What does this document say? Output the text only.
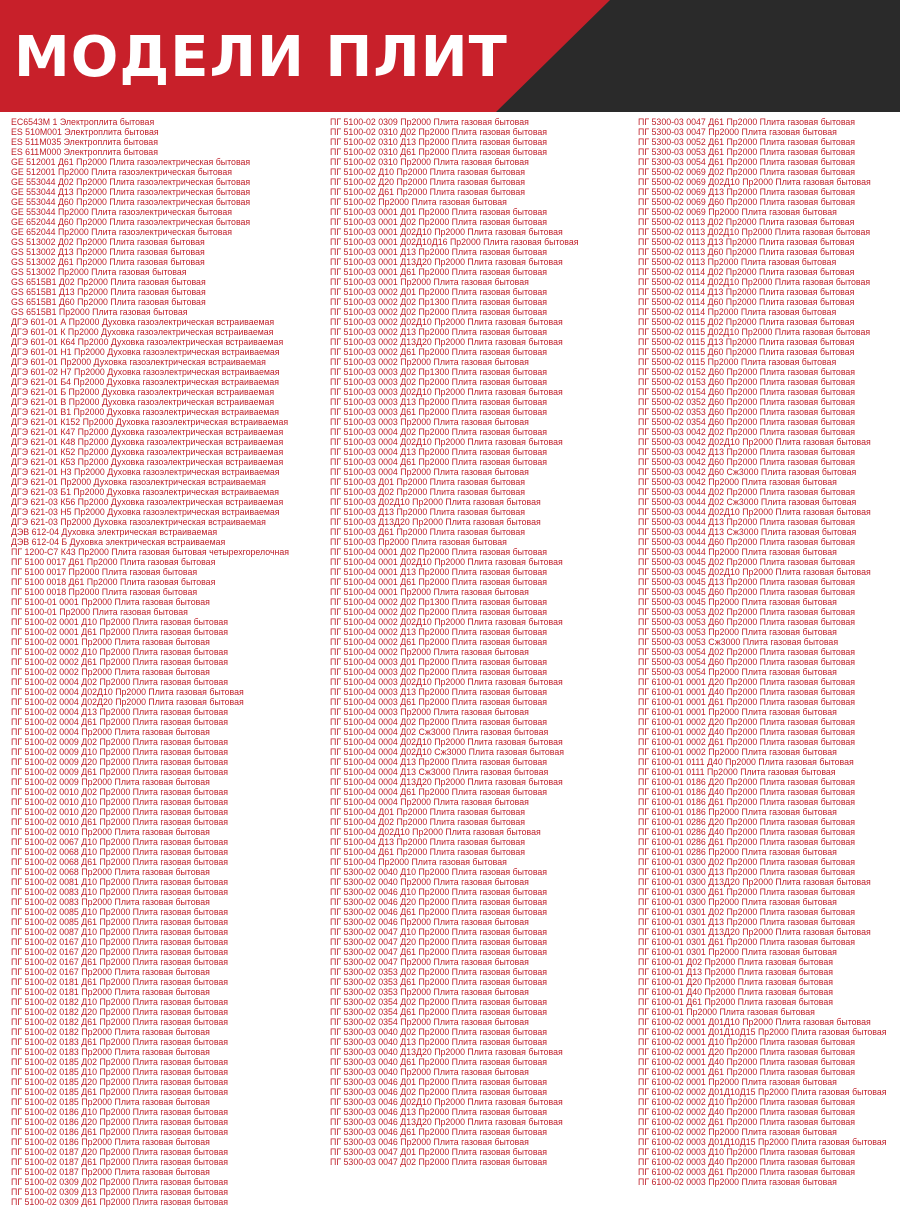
МОДЕЛИ ПЛИТ
EC6543M 1 Электроплита бытовая
ES 510M001 Электроплита бытовая
ES 511M035 Электроплита бытовая
ES 611M000 Электроплита бытовая
GE 512001 Д61 Пр2000 Плита газоэлектрическая бытовая
GE 512001 Пр2000 Плита газоэлектрическая бытовая
GE 553044 Д02 Пр2000 Плита газоэлектрическая бытовая
GE 553044 Д13 Пр2000 Плита газоэлектрическая бытовая
GE 553044 Д60 Пр2000 Плита газоэлектрическая бытовая
GE 553044 Пр2000 Плита газоэлектрическая бытовая
GE 652044 Д60 Пр2000 Плита газоэлектрическая бытовая
GE 652044 Пр2000 Плита газоэлектрическая бытовая
GS 513002 Д02 Пр2000 Плита газовая бытовая
GS 513002 Д13 Пр2000 Плита газовая бытовая
GS 513002 Д61 Пр2000 Плита газовая бытовая
GS 513002 Пр2000 Плита газовая бытовая
GS 6515B1 Д02 Пр2000 Плита газовая бытовая
GS 6515B1 Д13 Пр2000 Плита газовая бытовая
GS 6515B1 Д60 Пр2000 Плита газовая бытовая
GS 6515B1 Пр2000 Плита газовая бытовая
ДГЭ 601-01 А Пр2000 Духовка газоэлектрическая встраиваемая
ДГЭ 601-01 К Пр2000 Духовка газоэлектрическая встраиваемая
ДГЭ 601-01 К64 Пр2000 Духовка газоэлектрическая встраиваемая
ДГЭ 601-01 Н1 Пр2000 Духовка газоэлектрическая встраиваемая
ДГЭ 601-01 Пр2000 Духовка газоэлектрическая встраиваемая
ДГЭ 601-02 Н7 Пр2000 Духовка газоэлектрическая встраиваемая
ДГЭ 621-01 Б4 Пр2000 Духовка газоэлектрическая встраиваемая
ДГЭ 621-01 Б Пр2000 Духовка газоэлектрическая встраиваемая
ДГЭ 621-01 В Пр2000 Духовка газоэлектрическая встраиваемая
ДГЭ 621-01 В1 Пр2000 Духовка газоэлектрическая встраиваемая
ДГЭ 621-01 К152 Пр2000 Духовка газоэлектрическая встраиваемая
ДГЭ 621-01 К47 Пр2000 Духовка газоэлектрическая встраиваемая
ДГЭ 621-01 К48 Пр2000 Духовка газоэлектрическая встраиваемая
ДГЭ 621-01 К52 Пр2000 Духовка газоэлектрическая встраиваемая
ДГЭ 621-01 К53 Пр2000 Духовка газоэлектрическая встраиваемая
ДГЭ 621-01 Н3 Пр2000 Духовка газоэлектрическая встраиваемая
ДГЭ 621-01 Пр2000 Духовка газоэлектрическая встраиваемая
ДГЭ 621-03 Б1 Пр2000 Духовка газоэлектрическая встраиваемая
ДГЭ 621-03 К56 Пр2000 Духовка газоэлектрическая встраиваемая
ДГЭ 621-03 Н5 Пр2000 Духовка газоэлектрическая встраиваемая
ДГЭ 621-03 Пр2000 Духовка газоэлектрическая встраиваемая
ДЭВ 612-04 Духовка электрическая встраиваемая
ДЭВ 612-04 Б Духовка электрическая встраиваемая
ПГ 1200-С7 К43 Пр2000 Плита газовая бытовая четырехгорелочная
ПГ 5100 0017 Д61 Пр2000 Плита газовая бытовая
ПГ 5100 0017 Пр2000 Плита газовая бытовая
ПГ 5100 0018 Д61 Пр2000 Плита газовая бытовая
ПГ 5100 0018 Пр2000 Плита газовая бытовая
ПГ 5100-01 0001 Пр2000 Плита газовая бытовая
ПГ 5100-01 Пр2000 Плита газовая бытовая
ПГ 5100-02 0001 Д10 Пр2000 Плита газовая бытовая
ПГ 5100-02 0001 Д61 Пр2000 Плита газовая бытовая
ПГ 5100-02 0001 Пр2000 Плита газовая бытовая
ПГ 5100-02 0002 Д10 Пр2000 Плита газовая бытовая
ПГ 5100-02 0002 Д61 Пр2000 Плита газовая бытовая
ПГ 5100-02 0002 Пр2000 Плита газовая бытовая
ПГ 5100-02 0004 Д02 Пр2000 Плита газовая бытовая
ПГ 5100-02 0004 Д02Д10 Пр2000 Плита газовая бытовая
ПГ 5100-02 0004 Д02Д20 Пр2000 Плита газовая бытовая
ПГ 5100-02 0004 Д13 Пр2000 Плита газовая бытовая
ПГ 5100-02 0004 Д61 Пр2000 Плита газовая бытовая
ПГ 5100-02 0004 Пр2000 Плита газовая бытовая
ПГ 5100-02 0009 Д02 Пр2000 Плита газовая бытовая
ПГ 5100-02 0009 Д10 Пр2000 Плита газовая бытовая
ПГ 5100-02 0009 Д20 Пр2000 Плита газовая бытовая
ПГ 5100-02 0009 Д61 Пр2000 Плита газовая бытовая
ПГ 5100-02 0009 Пр2000 Плита газовая бытовая
ПГ 5100-02 0010 Д02 Пр2000 Плита газовая бытовая
ПГ 5100-02 0010 Д10 Пр2000 Плита газовая бытовая
ПГ 5100-02 0010 Д20 Пр2000 Плита газовая бытовая
ПГ 5100-02 0010 Д61 Пр2000 Плита газовая бытовая
ПГ 5100-02 0010 Пр2000 Плита газовая бытовая
ПГ 5100-02 0067 Д10 Пр2000 Плита газовая бытовая
ПГ 5100-02 0068 Д10 Пр2000 Плита газовая бытовая
ПГ 5100-02 0068 Д61 Пр2000 Плита газовая бытовая
ПГ 5100-02 0068 Пр2000 Плита газовая бытовая
ПГ 5100-02 0081 Д10 Пр2000 Плита газовая бытовая
ПГ 5100-02 0083 Д10 Пр2000 Плита газовая бытовая
ПГ 5100-02 0083 Пр2000 Плита газовая бытовая
ПГ 5100-02 0085 Д10 Пр2000 Плита газовая бытовая
ПГ 5100-02 0085 Д61 Пр2000 Плита газовая бытовая
ПГ 5100-02 0087 Д10 Пр2000 Плита газовая бытовая
ПГ 5100-02 0167 Д10 Пр2000 Плита газовая бытовая
ПГ 5100-02 0167 Д20 Пр2000 Плита газовая бытовая
ПГ 5100-02 0167 Д61 Пр2000 Плита газовая бытовая
ПГ 5100-02 0167 Пр2000 Плита газовая бытовая
ПГ 5100-02 0181 Д61 Пр2000 Плита газовая бытовая
ПГ 5100-02 0181 Пр2000 Плита газовая бытовая
ПГ 5100-02 0182 Д10 Пр2000 Плита газовая бытовая
ПГ 5100-02 0182 Д20 Пр2000 Плита газовая бытовая
ПГ 5100-02 0182 Д61 Пр2000 Плита газовая бытовая
ПГ 5100-02 0182 Пр2000 Плита газовая бытовая
ПГ 5100-02 0183 Д61 Пр2000 Плита газовая бытовая
ПГ 5100-02 0183 Пр2000 Плита газовая бытовая
ПГ 5100-02 0185 Д02 Пр2000 Плита газовая бытовая
ПГ 5100-02 0185 Д10 Пр2000 Плита газовая бытовая
ПГ 5100-02 0185 Д20 Пр2000 Плита газовая бытовая
ПГ 5100-02 0185 Д61 Пр2000 Плита газовая бытовая
ПГ 5100-02 0185 Пр2000 Плита газовая бытовая
ПГ 5100-02 0186 Д10 Пр2000 Плита газовая бытовая
ПГ 5100-02 0186 Д20 Пр2000 Плита газовая бытовая
ПГ 5100-02 0186 Д61 Пр2000 Плита газовая бытовая
ПГ 5100-02 0186 Пр2000 Плита газовая бытовая
ПГ 5100-02 0187 Д20 Пр2000 Плита газовая бытовая
ПГ 5100-02 0187 Д61 Пр2000 Плита газовая бытовая
ПГ 5100-02 0187 Пр2000 Плита газовая бытовая
ПГ 5100-02 0309 Д02 Пр2000 Плита газовая бытовая
ПГ 5100-02 0309 Д13 Пр2000 Плита газовая бытовая
ПГ 5100-02 0309 Д61 Пр2000 Плита газовая бытовая
ПГ 5100-02 0309 Пр2000 Плита газовая бытовая
ПГ 5100-02 0310 Д02 Пр2000 Плита газовая бытовая
ПГ 5100-02 0310 Д13 Пр2000 Плита газовая бытовая
ПГ 5100-02 0310 Д61 Пр2000 Плита газовая бытовая
ПГ 5100-02 0310 Пр2000 Плита газовая бытовая
ПГ 5100-02 Д10 Пр2000 Плита газовая бытовая
ПГ 5100-02 Д20 Пр2000 Плита газовая бытовая
ПГ 5100-02 Д61 Пр2000 Плита газовая бытовая
ПГ 5100-02 Пр2000 Плита газовая бытовая
ПГ 5100-03 0001 Д01 Пр2000 Плита газовая бытовая
ПГ 5100-03 0001 Д02 Пр2000 Плита газовая бытовая
ПГ 5100-03 0001 Д02Д10 Пр2000 Плита газовая бытовая
ПГ 5100-03 0001 Д02Д10Д16 Пр2000 Плита газовая бытовая
ПГ 5100-03 0001 Д13 Пр2000 Плита газовая бытовая
ПГ 5100-03 0001 Д13Д20 Пр2000 Плита газовая бытовая
ПГ 5100-03 0001 Д61 Пр2000 Плита газовая бытовая
ПГ 5100-03 0001 Пр2000 Плита газовая бытовая
ПГ 5100-03 0002 Д01 Пр2000 Плита газовая бытовая
ПГ 5100-03 0002 Д02 Пр1300 Плита газовая бытовая
ПГ 5100-03 0002 Д02 Пр2000 Плита газовая бытовая
ПГ 5100-03 0002 Д02Д10 Пр2000 Плита газовая бытовая
ПГ 5100-03 0002 Д13 Пр2000 Плита газовая бытовая
ПГ 5100-03 0002 Д13Д20 Пр2000 Плита газовая бытовая
ПГ 5100-03 0002 Д61 Пр2000 Плита газовая бытовая
ПГ 5100-03 0002 Пр2000 Плита газовая бытовая
ПГ 5100-03 0003 Д02 Пр1300 Плита газовая бытовая
ПГ 5100-03 0003 Д02 Пр2000 Плита газовая бытовая
ПГ 5100-03 0003 Д02Д10 Пр2000 Плита газовая бытовая
ПГ 5100-03 0003 Д13 Пр2000 Плита газовая бытовая
ПГ 5100-03 0003 Д61 Пр2000 Плита газовая бытовая
ПГ 5100-03 0003 Пр2000 Плита газовая бытовая
ПГ 5100-03 0004 Д02 Пр2000 Плита газовая бытовая
ПГ 5100-03 0004 Д02Д10 Пр2000 Плита газовая бытовая
ПГ 5100-03 0004 Д13 Пр2000 Плита газовая бытовая
ПГ 5100-03 0004 Д61 Пр2000 Плита газовая бытовая
ПГ 5100-03 0004 Пр2000 Плита газовая бытовая
ПГ 5100-03 Д01 Пр2000 Плита газовая бытовая
ПГ 5100-03 Д02 Пр2000 Плита газовая бытовая
ПГ 5100-03 Д02Д10 Пр2000 Плита газовая бытовая
ПГ 5100-03 Д13 Пр2000 Плита газовая бытовая
ПГ 5100-03 Д13Д20 Пр2000 Плита газовая бытовая
ПГ 5100-03 Д61 Пр2000 Плита газовая бытовая
ПГ 5100-03 Пр2000 Плита газовая бытовая
ПГ 5100-04 0001 Д02 Пр2000 Плита газовая бытовая
ПГ 5100-04 0001 Д02Д10 Пр2000 Плита газовая бытовая
ПГ 5100-04 0001 Д13 Пр2000 Плита газовая бытовая
ПГ 5100-04 0001 Д61 Пр2000 Плита газовая бытовая
ПГ 5100-04 0001 Пр2000 Плита газовая бытовая
ПГ 5100-04 0002 Д02 Пр1300 Плита газовая бытовая
ПГ 5100-04 0002 Д02 Пр2000 Плита газовая бытовая
ПГ 5100-04 0002 Д02Д10 Пр2000 Плита газовая бытовая
ПГ 5100-04 0002 Д13 Пр2000 Плита газовая бытовая
ПГ 5100-04 0002 Д61 Пр2000 Плита газовая бытовая
ПГ 5100-04 0002 Пр2000 Плита газовая бытовая
ПГ 5100-04 0003 Д01 Пр2000 Плита газовая бытовая
ПГ 5100-04 0003 Д02 Пр2000 Плита газовая бытовая
ПГ 5100-04 0003 Д02Д10 Пр2000 Плита газовая бытовая
ПГ 5100-04 0003 Д13 Пр2000 Плита газовая бытовая
ПГ 5100-04 0003 Д61 Пр2000 Плита газовая бытовая
ПГ 5100-04 0003 Пр2000 Плита газовая бытовая
ПГ 5100-04 0004 Д02 Пр2000 Плита газовая бытовая
ПГ 5100-04 0004 Д02 Сж3000 Плита газовая бытовая
ПГ 5100-04 0004 Д02Д10 Пр2000 Плита газовая бытовая
ПГ 5100-04 0004 Д02Д10 Сж3000 Плита газовая бытовая
ПГ 5100-04 0004 Д13 Пр2000 Плита газовая бытовая
ПГ 5100-04 0004 Д13 Сж3000 Плита газовая бытовая
ПГ 5100-04 0004 Д13Д20 Пр2000 Плита газовая бытовая
ПГ 5100-04 0004 Д61 Пр2000 Плита газовая бытовая
ПГ 5100-04 0004 Пр2000 Плита газовая бытовая
ПГ 5100-04 Д01 Пр2000 Плита газовая бытовая
ПГ 5100-04 Д02 Пр2000 Плита газовая бытовая
ПГ 5100-04 Д02Д10 Пр2000 Плита газовая бытовая
ПГ 5100-04 Д13 Пр2000 Плита газовая бытовая
ПГ 5100-04 Д61 Пр2000 Плита газовая бытовая
ПГ 5100-04 Пр2000 Плита газовая бытовая
ПГ 5300-02 0040 Д10 Пр2000 Плита газовая бытовая
ПГ 5300-02 0040 Пр2000 Плита газовая бытовая
ПГ 5300-02 0046 Д10 Пр2000 Плита газовая бытовая
ПГ 5300-02 0046 Д20 Пр2000 Плита газовая бытовая
ПГ 5300-02 0046 Д61 Пр2000 Плита газовая бытовая
ПГ 5300-02 0046 Пр2000 Плита газовая бытовая
ПГ 5300-02 0047 Д10 Пр2000 Плита газовая бытовая
ПГ 5300-02 0047 Д20 Пр2000 Плита газовая бытовая
ПГ 5300-02 0047 Д61 Пр2000 Плита газовая бытовая
ПГ 5300-02 0047 Пр2000 Плита газовая бытовая
ПГ 5300-02 0353 Д02 Пр2000 Плита газовая бытовая
ПГ 5300-02 0353 Д61 Пр2000 Плита газовая бытовая
ПГ 5300-02 0353 Пр2000 Плита газовая бытовая
ПГ 5300-02 0354 Д02 Пр2000 Плита газовая бытовая
ПГ 5300-02 0354 Д61 Пр2000 Плита газовая бытовая
ПГ 5300-02 0354 Пр2000 Плита газовая бытовая
ПГ 5300-03 0040 Д02 Пр2000 Плита газовая бытовая
ПГ 5300-03 0040 Д13 Пр2000 Плита газовая бытовая
ПГ 5300-03 0040 Д13Д20 Пр2000 Плита газовая бытовая
ПГ 5300-03 0040 Д61 Пр2000 Плита газовая бытовая
ПГ 5300-03 0040 Пр2000 Плита газовая бытовая
ПГ 5300-03 0046 Д01 Пр2000 Плита газовая бытовая
ПГ 5300-03 0046 Д02 Пр2000 Плита газовая бытовая
ПГ 5300-03 0046 Д02Д10 Пр2000 Плита газовая бытовая
ПГ 5300-03 0046 Д13 Пр2000 Плита газовая бытовая
ПГ 5300-03 0046 Д13Д20 Пр2000 Плита газовая бытовая
ПГ 5300-03 0046 Д61 Пр2000 Плита газовая бытовая
ПГ 5300-03 0046 Пр2000 Плита газовая бытовая
ПГ 5300-03 0047 Д01 Пр2000 Плита газовая бытовая
ПГ 5300-03 0047 Д02 Пр2000 Плита газовая бытовая
ПГ 5300-03 0047 Д61 Пр2000 Плита газовая бытовая
ПГ 5300-03 0047 Пр2000 Плита газовая бытовая
ПГ 5300-03 0052 Д61 Пр2000 Плита газовая бытовая
ПГ 5300-03 0053 Д61 Пр2000 Плита газовая бытовая
ПГ 5300-03 0054 Д61 Пр2000 Плита газовая бытовая
ПГ 5500-02 0069 Д02 Пр2000 Плита газовая бытовая
ПГ 5500-02 0069 Д02Д10 Пр2000 Плита газовая бытовая
ПГ 5500-02 0069 Д13 Пр2000 Плита газовая бытовая
ПГ 5500-02 0069 Д60 Пр2000 Плита газовая бытовая
ПГ 5500-02 0069 Пр2000 Плита газовая бытовая
ПГ 5500-02 0113 Д02 Пр2000 Плита газовая бытовая
ПГ 5500-02 0113 Д02Д10 Пр2000 Плита газовая бытовая
ПГ 5500-02 0113 Д13 Пр2000 Плита газовая бытовая
ПГ 5500-02 0113 Д60 Пр2000 Плита газовая бытовая
ПГ 5500-02 0113 Пр2000 Плита газовая бытовая
ПГ 5500-02 0114 Д02 Пр2000 Плита газовая бытовая
ПГ 5500-02 0114 Д02Д10 Пр2000 Плита газовая бытовая
ПГ 5500-02 0114 Д13 Пр2000 Плита газовая бытовая
ПГ 5500-02 0114 Д60 Пр2000 Плита газовая бытовая
ПГ 5500-02 0114 Пр2000 Плита газовая бытовая
ПГ 5500-02 0115 Д02 Пр2000 Плита газовая бытовая
ПГ 5500-02 0115 Д02Д10 Пр2000 Плита газовая бытовая
ПГ 5500-02 0115 Д13 Пр2000 Плита газовая бытовая
ПГ 5500-02 0115 Д60 Пр2000 Плита газовая бытовая
ПГ 5500-02 0115 Пр2000 Плита газовая бытовая
ПГ 5500-02 0152 Д60 Пр2000 Плита газовая бытовая
ПГ 5500-02 0153 Д60 Пр2000 Плита газовая бытовая
ПГ 5500-02 0154 Д60 Пр2000 Плита газовая бытовая
ПГ 5500-02 0352 Д60 Пр2000 Плита газовая бытовая
ПГ 5500-02 0353 Д60 Пр2000 Плита газовая бытовая
ПГ 5500-02 0354 Д60 Пр2000 Плита газовая бытовая
ПГ 5500-03 0042 Д02 Пр2000 Плита газовая бытовая
ПГ 5500-03 0042 Д02Д10 Пр2000 Плита газовая бытовая
ПГ 5500-03 0042 Д13 Пр2000 Плита газовая бытовая
ПГ 5500-03 0042 Д60 Пр2000 Плита газовая бытовая
ПГ 5500-03 0042 Д60 Сж3000 Плита газовая бытовая
ПГ 5500-03 0042 Пр2000 Плита газовая бытовая
ПГ 5500-03 0044 Д02 Пр2000 Плита газовая бытовая
ПГ 5500-03 0044 Д02 Сж3000 Плита газовая бытовая
ПГ 5500-03 0044 Д02Д10 Пр2000 Плита газовая бытовая
ПГ 5500-03 0044 Д13 Пр2000 Плита газовая бытовая
ПГ 5500-03 0044 Д13 Сж3000 Плита газовая бытовая
ПГ 5500-03 0044 Д60 Пр2000 Плита газовая бытовая
ПГ 5500-03 0044 Пр2000 Плита газовая бытовая
ПГ 5500-03 0045 Д02 Пр2000 Плита газовая бытовая
ПГ 5500-03 0045 Д02Д10 Пр2000 Плита газовая бытовая
ПГ 5500-03 0045 Д13 Пр2000 Плита газовая бытовая
ПГ 5500-03 0045 Д60 Пр2000 Плита газовая бытовая
ПГ 5500-03 0045 Пр2000 Плита газовая бытовая
ПГ 5500-03 0053 Д02 Пр2000 Плита газовая бытовая
ПГ 5500-03 0053 Д60 Пр2000 Плита газовая бытовая
ПГ 5500-03 0053 Пр2000 Плита газовая бытовая
ПГ 5500-03 0053 Сж3000 Плита газовая бытовая
ПГ 5500-03 0054 Д02 Пр2000 Плита газовая бытовая
ПГ 5500-03 0054 Д60 Пр2000 Плита газовая бытовая
ПГ 5500-03 0054 Пр2000 Плита газовая бытовая
ПГ 6100-01 0001 Д20 Пр2000 Плита газовая бытовая
ПГ 6100-01 0001 Д40 Пр2000 Плита газовая бытовая
ПГ 6100-01 0001 Д61 Пр2000 Плита газовая бытовая
ПГ 6100-01 0001 Пр2000 Плита газовая бытовая
ПГ 6100-01 0002 Д20 Пр2000 Плита газовая бытовая
ПГ 6100-01 0002 Д40 Пр2000 Плита газовая бытовая
ПГ 6100-01 0002 Д61 Пр2000 Плита газовая бытовая
ПГ 6100-01 0002 Пр2000 Плита газовая бытовая
ПГ 6100-01 0111 Д40 Пр2000 Плита газовая бытовая
ПГ 6100-01 0111 Пр2000 Плита газовая бытовая
ПГ 6100-01 0186 Д20 Пр2000 Плита газовая бытовая
ПГ 6100-01 0186 Д40 Пр2000 Плита газовая бытовая
ПГ 6100-01 0186 Д61 Пр2000 Плита газовая бытовая
ПГ 6100-01 0186 Пр2000 Плита газовая бытовая
ПГ 6100-01 0286 Д20 Пр2000 Плита газовая бытовая
ПГ 6100-01 0286 Д40 Пр2000 Плита газовая бытовая
ПГ 6100-01 0286 Д61 Пр2000 Плита газовая бытовая
ПГ 6100-01 0286 Пр2000 Плита газовая бытовая
ПГ 6100-01 0300 Д02 Пр2000 Плита газовая бытовая
ПГ 6100-01 0300 Д13 Пр2000 Плита газовая бытовая
ПГ 6100-01 0300 Д13Д20 Пр2000 Плита газовая бытовая
ПГ 6100-01 0300 Д61 Пр2000 Плита газовая бытовая
ПГ 6100-01 0300 Пр2000 Плита газовая бытовая
ПГ 6100-01 0301 Д02 Пр2000 Плита газовая бытовая
ПГ 6100-01 0301 Д13 Пр2000 Плита газовая бытовая
ПГ 6100-01 0301 Д13Д20 Пр2000 Плита газовая бытовая
ПГ 6100-01 0301 Д61 Пр2000 Плита газовая бытовая
ПГ 6100-01 0301 Пр2000 Плита газовая бытовая
ПГ 6100-01 Д02 Пр2000 Плита газовая бытовая
ПГ 6100-01 Д13 Пр2000 Плита газовая бытовая
ПГ 6100-01 Д20 Пр2000 Плита газовая бытовая
ПГ 6100-01 Д40 Пр2000 Плита газовая бытовая
ПГ 6100-01 Д61 Пр2000 Плита газовая бытовая
ПГ 6100-01 Пр2000 Плита газовая бытовая
ПГ 6100-02 0001 Д01Д10 Пр2000 Плита газовая бытовая
ПГ 6100-02 0001 Д01Д10Д15 Пр2000 Плита газовая бытовая
ПГ 6100-02 0001 Д10 Пр2000 Плита газовая бытовая
ПГ 6100-02 0001 Д20 Пр2000 Плита газовая бытовая
ПГ 6100-02 0001 Д40 Пр2000 Плита газовая бытовая
ПГ 6100-02 0001 Д61 Пр2000 Плита газовая бытовая
ПГ 6100-02 0001 Пр2000 Плита газовая бытовая
ПГ 6100-02 0002 Д01Д10Д15 Пр2000 Плита газовая бытовая
ПГ 6100-02 0002 Д10 Пр2000 Плита газовая бытовая
ПГ 6100-02 0002 Д40 Пр2000 Плита газовая бытовая
ПГ 6100-02 0002 Д61 Пр2000 Плита газовая бытовая
ПГ 6100-02 0002 Пр2000 Плита газовая бытовая
ПГ 6100-02 0003 Д01Д10Д15 Пр2000 Плита газовая бытовая
ПГ 6100-02 0003 Д10 Пр2000 Плита газовая бытовая
ПГ 6100-02 0003 Д40 Пр2000 Плита газовая бытовая
ПГ 6100-02 0003 Д61 Пр2000 Плита газовая бытовая
ПГ 6100-02 0003 Пр2000 Плита газовая бытовая
